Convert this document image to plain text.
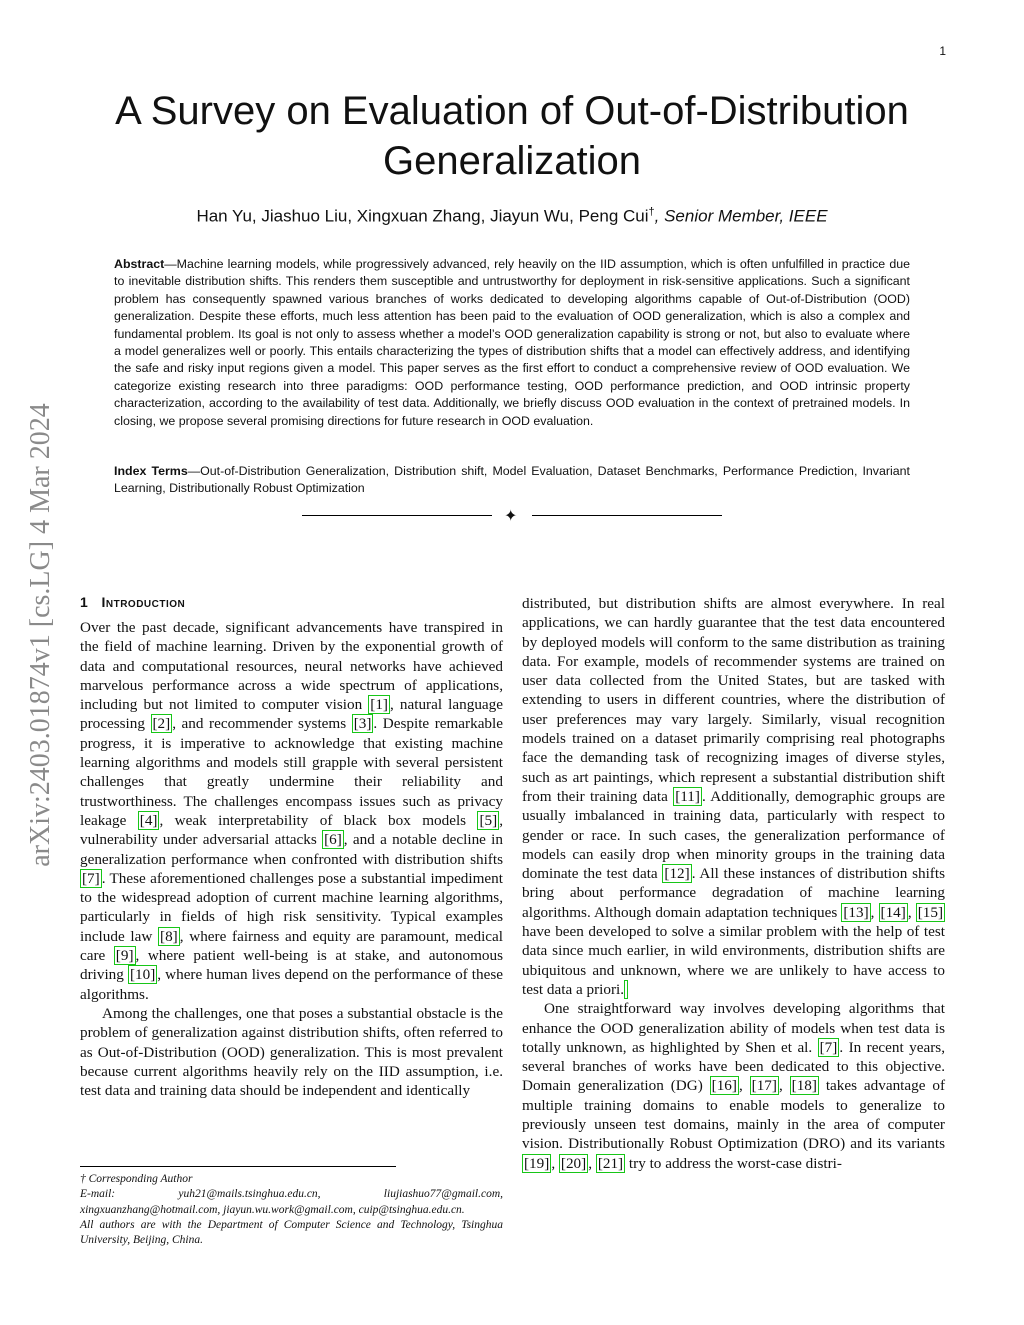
1
A Survey on Evaluation of Out-of-Distribution Generalization
Han Yu, Jiashuo Liu, Xingxuan Zhang, Jiayun Wu, Peng Cui†, Senior Member, IEEE
Abstract—Machine learning models, while progressively advanced, rely heavily on the IID assumption, which is often unfulfilled in practice due to inevitable distribution shifts. This renders them susceptible and untrustworthy for deployment in risk-sensitive applications. Such a significant problem has consequently spawned various branches of works dedicated to developing algorithms capable of Out-of-Distribution (OOD) generalization. Despite these efforts, much less attention has been paid to the evaluation of OOD generalization, which is also a complex and fundamental problem. Its goal is not only to assess whether a model’s OOD generalization capability is strong or not, but also to evaluate where a model generalizes well or poorly. This entails characterizing the types of distribution shifts that a model can effectively address, and identifying the safe and risky input regions given a model. This paper serves as the first effort to conduct a comprehensive review of OOD evaluation. We categorize existing research into three paradigms: OOD performance testing, OOD performance prediction, and OOD intrinsic property characterization, according to the availability of test data. Additionally, we briefly discuss OOD evaluation in the context of pretrained models. In closing, we propose several promising directions for future research in OOD evaluation.
Index Terms—Out-of-Distribution Generalization, Distribution shift, Model Evaluation, Dataset Benchmarks, Performance Prediction, Invariant Learning, Distributionally Robust Optimization
✦
arXiv:2403.01874v1 [cs.LG] 4 Mar 2024	1 Introduction

Over the past decade, significant advancements have transpired in the field of machine learning. Driven by the exponential growth of data and computational resources, neural networks have achieved marvelous performance across a wide spectrum of applications, including but not limited to computer vision [1] , natural language processing [2] , and recommender systems [3] . Despite remarkable progress, it is imperative to acknowledge that existing machine learning algorithms and models still grapple with several persistent challenges that greatly undermine their reliability and trustworthiness. The challenges encompass issues such as privacy leakage [4] , weak interpretability of black box models [5] , vulnerability under adversarial attacks [6] , and a notable decline in generalization performance when confronted with distribution shifts [7] . These aforementioned challenges pose a substantial impediment to the widespread adoption of current machine learning algorithms, particularly in fields of high risk sensitivity. Typical examples include law [8] , where fairness and equity are paramount, medical care [9] , where patient well-being is at stake, and autonomous driving [10] , where human lives depend on the performance of these algorithms.

Among the challenges, one that poses a substantial obstacle is the problem of generalization against distribution shifts, often referred to as Out-of-Distribution (OOD) generalization. This is most prevalent because current algorithms heavily rely on the IID assumption, i.e. test data and training data should be independent and identically

distributed, but distribution shifts are almost everywhere. In real applications, we can hardly guarantee that the test data encountered by deployed models will conform to the same distribution as training data. For example, models of recommender systems are trained on user data collected from the United States, but are tasked with extending to users in different countries, where the distribution of user preferences may vary largely. Similarly, visual recognition models trained on a dataset primarily comprising real photographs face the demanding task of recognizing images of diverse styles, such as art paintings, which represent a substantial distribution shift from their training data [11] . Additionally, demographic groups are usually imbalanced in training data, particularly with respect to gender or race. In such cases, the generalization performance of models can easily drop when minority groups in the training data dominate the test data [12] . All these instances of distribution shifts bring about performance degradation of machine learning algorithms. Although domain adaptation techniques [13] , [14] , [15] have been developed to solve a similar problem with the help of test data since much earlier, in wild environments, distribution shifts are ubiquitous and unknown, where we are unlikely to have access to test data a priori.

One straightforward way involves developing algorithms that enhance the OOD generalization ability of models when test data is totally unknown, as highlighted by Shen et al. [7] . In recent years, several branches of works have been dedicated to this objective. Domain generalization (DG) [16] , [17] , [18] takes advantage of multiple training domains to enable models to generalize to previously unseen test domains, mainly in the area of computer vision. Distributionally Robust Optimization (DRO) and its variants [19] , [20] , [21] try to address the worst-case distri-

† Corresponding Author

E-mail: yuh21@mails.tsinghua.edu.cn, liujiashuo77@gmail.com, xingxuanzhang@hotmail.com, jiayun.wu.work@gmail.com, cuip@tsinghua.edu.cn.

All authors are with the Department of Computer Science and Technology, Tsinghua University, Beijing, China.
